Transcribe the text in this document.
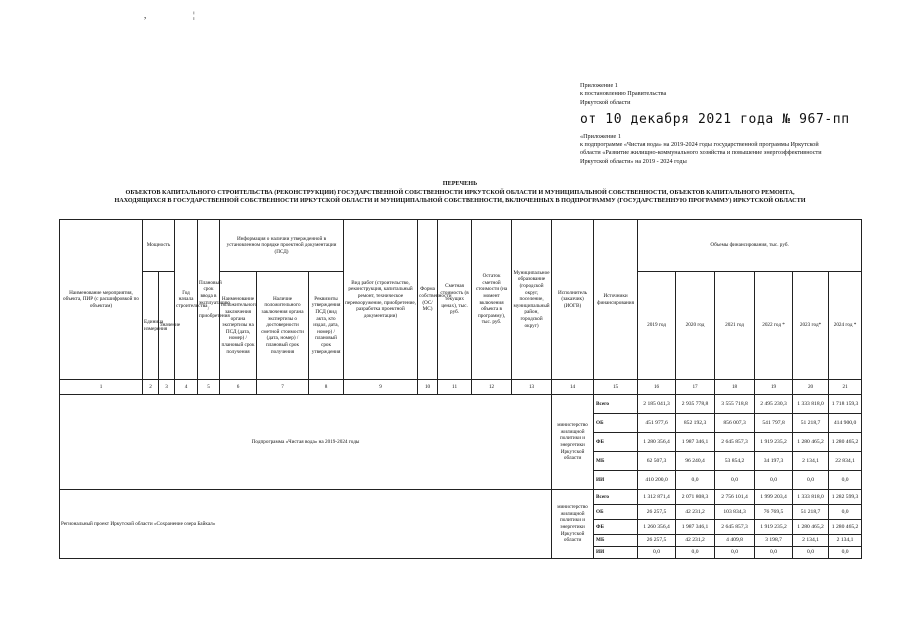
,	¦
Приложение 1
к постановлению Правительства
Иркутской области
от 10 декабря 2021 года № 967-пп
«Приложение 1
к подпрограмме «Чистая вода» на 2019-2024 годы государственной программы Иркутской
области «Развитие жилищно-коммунального хозяйства и повышение энергоэффективности
Иркутской области» на 2019 - 2024 годы
ПЕРЕЧЕНЬ
ОБЪЕКТОВ КАПИТАЛЬНОГО СТРОИТЕЛЬСТВА (РЕКОНСТРУКЦИИ) ГОСУДАРСТВЕННОЙ СОБСТВЕННОСТИ ИРКУТСКОЙ ОБЛАСТИ И МУНИЦИПАЛЬНОЙ СОБСТВЕННОСТИ, ОБЪЕКТОВ КАПИТАЛЬНОГО РЕМОНТА,
НАХОДЯЩИХСЯ В ГОСУДАРСТВЕННОЙ СОБСТВЕННОСТИ ИРКУТСКОЙ ОБЛАСТИ И МУНИЦИПАЛЬНОЙ СОБСТВЕННОСТИ, ВКЛЮЧЕННЫХ В ПОДПРОГРАММУ (ГОСУДАРСТВЕННУЮ ПРОГРАММУ) ИРКУТСКОЙ ОБЛАСТИ
Наименование мероприятия, объекта, ПИР (с расшифровкой по объектам)	Мощность		Год начала строительства	Плановый срок ввода в эксплуатацию / приобретения	Информация о наличии утвержденной в установленном порядке проектной документации (ПСД)			Вид работ (строительство, реконструкция, капитальный ремонт, техническое перевооружение, приобретение, разработка проектной документации)	Форма собственности (ОС/МС)	Сметная стоимость (в текущих ценах), тыс. руб.	Остаток сметной стоимости (на момент включения объекта в программу), тыс. руб.	Муниципальное образование (городской округ, поселение, муниципальный район, городской округ)	Исполнитель (заказчик) (ИОГВ)	Источники финансирования	Объемы финансирования, тыс. руб.					
	Единица измерения	Значение			Наименование положительного заключения органа экспертизы на ПСД (дата, номер) / плановый срок получения	Наличие положительного заключения органа экспертизы о достоверности сметной стоимости (дата, номер) / плановый срок получения	Реквизиты утверждения ПСД (вид акта, кто издал, дата, номер) / плановый срок утверждения								2019 год	2020 год	2021 год	2022 год *	2023 год*	2024 год *

1	2	3	4	5	6	7	8	9	10	11	12	13	14	15	16	17	18	19	20	21
Подпрограмма «Чистая вода» на 2019-2024 годы													министерство жилищной политики и энергетики Иркутской области	Всего	2 185 041,3	2 935 778,8	3 555 718,8	2 495 230,3	1 333 818,0	1 718 159,3
														ОБ	451 977,6	852 192,3	856 007,3	541 797,8	51 218,7	414 900,0
														ФБ	1 280 356,4	1 987 346,1	2 645 857,3	1 919 235,2	1 280 465,2	1 280 465,2
														МБ	62 507,3	96 240,4	53 854,2	34 197,3	2 134,1	22 834,1
														ИИ	410 200,0	0,0	0,0	0,0	0,0	0,0
Региональный проект Иркутской области «Сохранение озера Байкал»													министерство жилищной политики и энергетики Иркутской области	Всего	1 312 871,4	2 071 808,3	2 756 101,4	1 999 203,4	1 333 818,0	1 282 599,3
														ОБ	26 257,5	42 231,2	103 834,3	76 769,5	51 218,7	0,0
														ФБ	1 260 356,4	1 987 346,1	2 645 857,3	1 919 235,2	1 280 465,2	1 280 465,2
														МБ	26 257,5	42 231,2	4 409,8	3 198,7	2 134,1	2 134,1
														ИИ	0,0	0,0	0,0	0,0	0,0	0,0
